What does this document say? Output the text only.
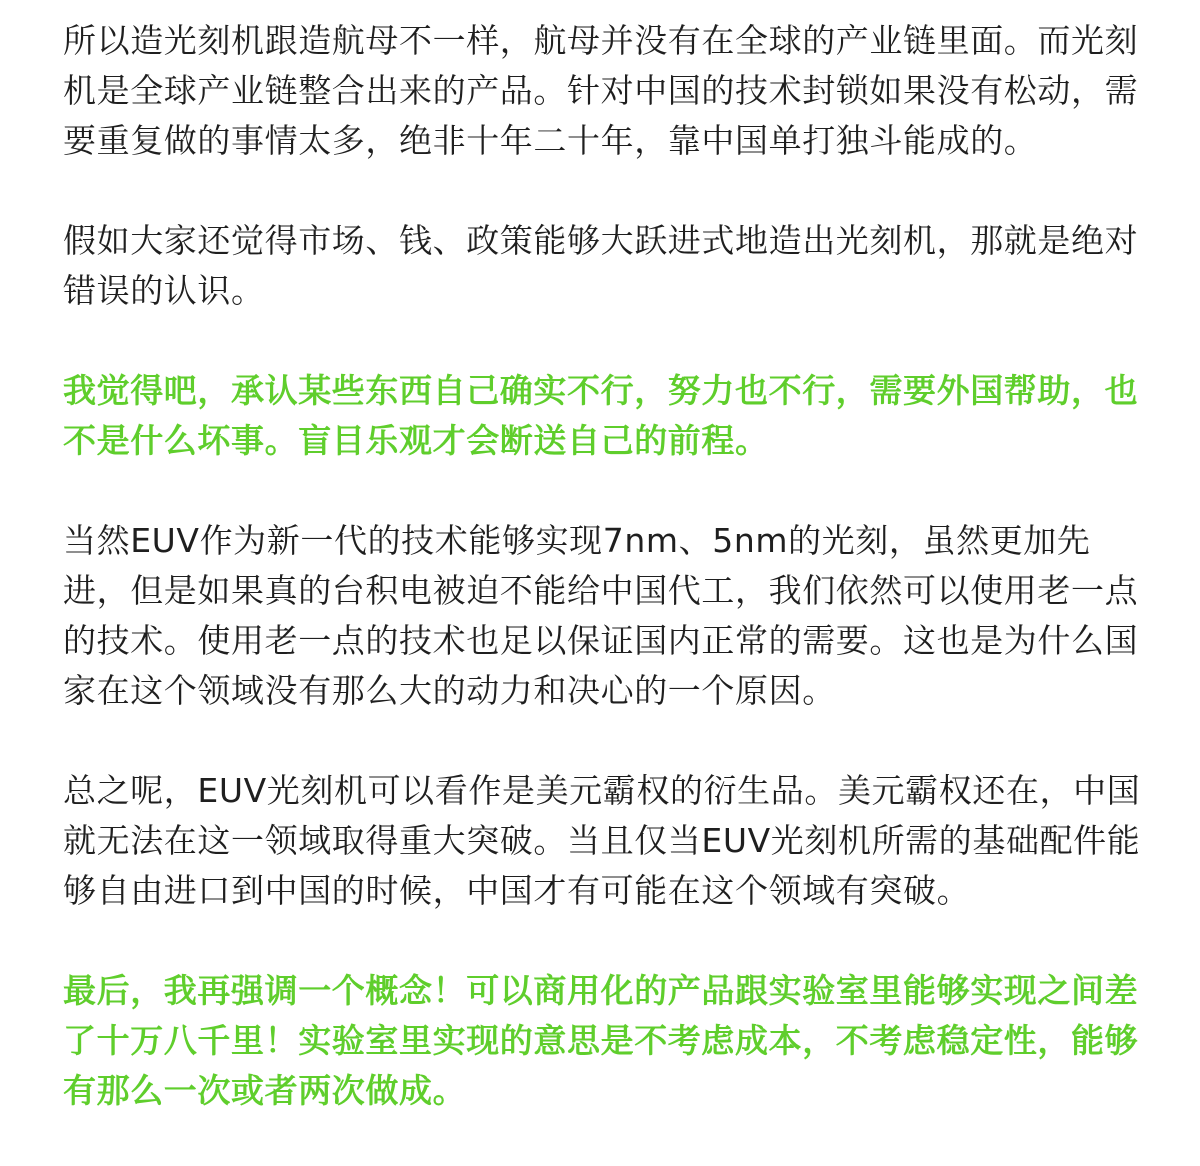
所以造光刻机跟造航母不一样，航母并没有在全球的产业链里面。而光刻机是全球产业链整合出来的产品。针对中国的技术封锁如果没有松动，需要重复做的事情太多，绝非十年二十年，靠中国单打独斗能成的。

假如大家还觉得市场、钱、政策能够大跃进式地造出光刻机，那就是绝对错误的认识。

我觉得吧，承认某些东西自己确实不行，努力也不行，需要外国帮助，也不是什么坏事。盲目乐观才会断送自己的前程。

当然EUV作为新一代的技术能够实现7nm、5nm的光刻，虽然更加先进，但是如果真的台积电被迫不能给中国代工，我们依然可以使用老一点的技术。使用老一点的技术也足以保证国内正常的需要。这也是为什么国家在这个领域没有那么大的动力和决心的一个原因。

总之呢，EUV光刻机可以看作是美元霸权的衍生品。美元霸权还在，中国就无法在这一领域取得重大突破。当且仅当EUV光刻机所需的基础配件能够自由进口到中国的时候，中国才有可能在这个领域有突破。

最后，我再强调一个概念！可以商用化的产品跟实验室里能够实现之间差了十万八千里！实验室里实现的意思是不考虑成本，不考虑稳定性，能够有那么一次或者两次做成。
